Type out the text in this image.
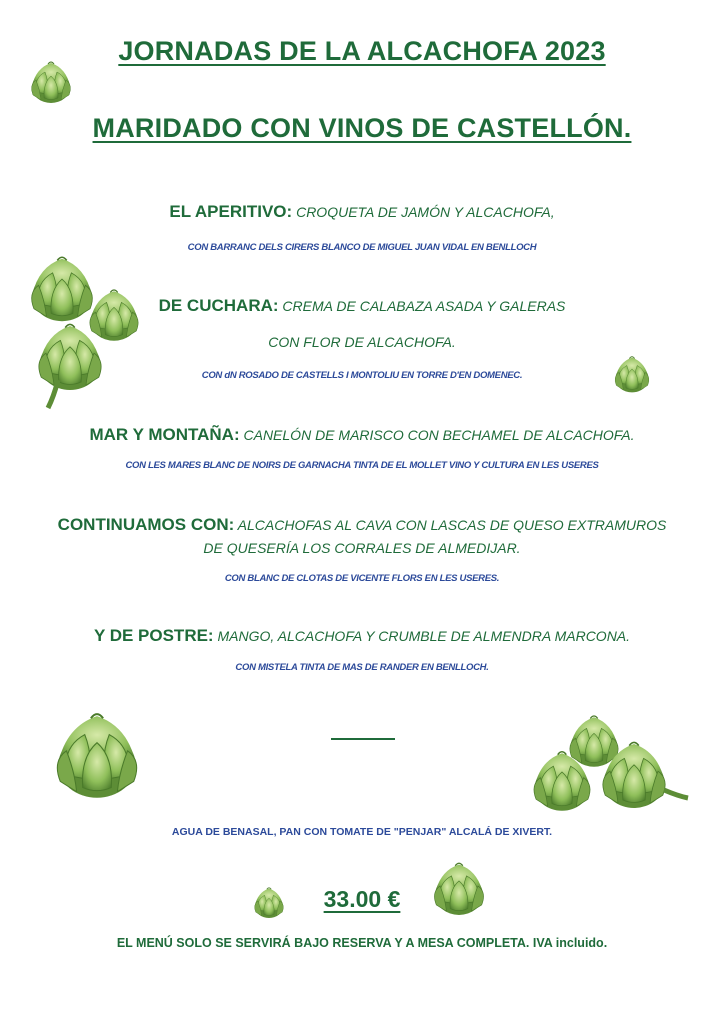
JORNADAS DE LA ALCACHOFA 2023
MARIDADO CON VINOS DE CASTELLÓN.
EL APERITIVO: CROQUETA DE JAMÓN Y ALCACHOFA,
CON BARRANC DELS CIRERS BLANCO DE MIGUEL JUAN VIDAL EN BENLLOCH
DE CUCHARA: CREMA DE CALABAZA ASADA Y GALERAS
CON FLOR DE ALCACHOFA.
CON dN ROSADO DE CASTELLS I MONTOLIU EN TORRE D'EN DOMENEC.
MAR Y MONTAÑA: CANELÓN DE MARISCO CON BECHAMEL DE ALCACHOFA.
CON LES MARES BLANC DE NOIRS DE GARNACHA TINTA DE EL MOLLET VINO Y CULTURA EN LES USERES
CONTINUAMOS CON: ALCACHOFAS AL CAVA CON LASCAS DE QUESO EXTRAMUROS
DE QUESERÍA LOS CORRALES DE ALMEDIJAR.
CON BLANC DE CLOTAS DE VICENTE FLORS EN LES USERES.
Y DE POSTRE: MANGO, ALCACHOFA Y CRUMBLE DE ALMENDRA MARCONA.
CON MISTELA TINTA DE MAS DE RANDER EN BENLLOCH.
AGUA DE BENASAL, PAN CON TOMATE DE "PENJAR" ALCALÁ DE XIVERT.
33.00 €
EL MENÚ SOLO SE SERVIRÁ BAJO RESERVA Y A MESA COMPLETA. IVA incluido.
